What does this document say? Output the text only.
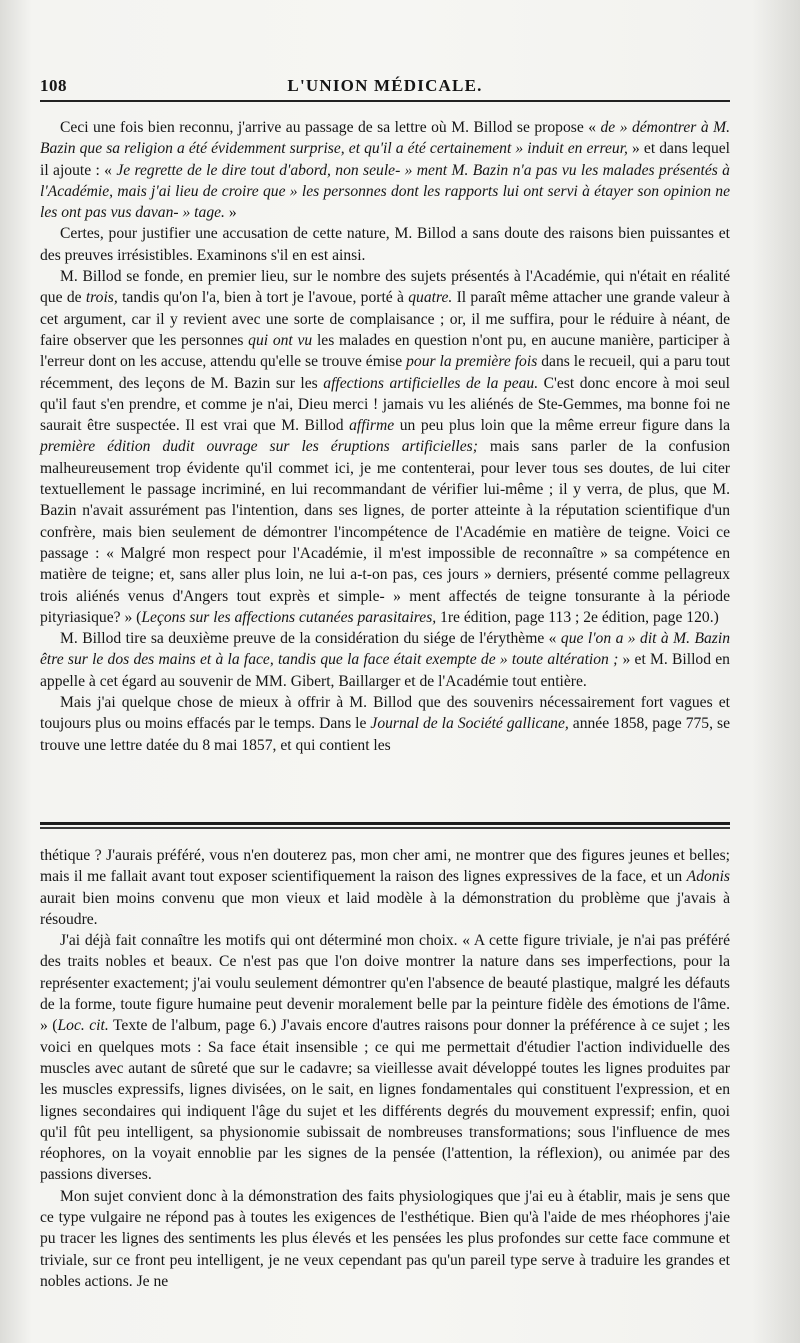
108	L'UNION MÉDICALE.

Ceci une fois bien reconnu, j'arrive au passage de sa lettre où M. Billod se propose « de » démontrer à M. Bazin que sa religion a été évidemment surprise, et qu'il a été certainement » induit en erreur, » et dans lequel il ajoute : « Je regrette de le dire tout d'abord, non seule- » ment M. Bazin n'a pas vu les malades présentés à l'Académie, mais j'ai lieu de croire que » les personnes dont les rapports lui ont servi à étayer son opinion ne les ont pas vus davan- » tage. »

Certes, pour justifier une accusation de cette nature, M. Billod a sans doute des raisons bien puissantes et des preuves irrésistibles. Examinons s'il en est ainsi.

M. Billod se fonde, en premier lieu, sur le nombre des sujets présentés à l'Académie, qui n'était en réalité que de trois, tandis qu'on l'a, bien à tort je l'avoue, porté à quatre. Il paraît même attacher une grande valeur à cet argument, car il y revient avec une sorte de complaisance ; or, il me suffira, pour le réduire à néant, de faire observer que les personnes qui ont vu les malades en question n'ont pu, en aucune manière, participer à l'erreur dont on les accuse, attendu qu'elle se trouve émise pour la première fois dans le recueil, qui a paru tout récemment, des leçons de M. Bazin sur les affections artificielles de la peau. C'est donc encore à moi seul qu'il faut s'en prendre, et comme je n'ai, Dieu merci ! jamais vu les aliénés de Ste-Gemmes, ma bonne foi ne saurait être suspectée. Il est vrai que M. Billod affirme un peu plus loin que la même erreur figure dans la première édition dudit ouvrage sur les éruptions artificielles; mais sans parler de la confusion malheureusement trop évidente qu'il commet ici, je me contenterai, pour lever tous ses doutes, de lui citer textuellement le passage incriminé, en lui recommandant de vérifier lui-même ; il y verra, de plus, que M. Bazin n'avait assurément pas l'intention, dans ses lignes, de porter atteinte à la réputation scientifique d'un confrère, mais bien seulement de démontrer l'incompétence de l'Académie en matière de teigne. Voici ce passage : « Malgré mon respect pour l'Académie, il m'est impossible de reconnaître » sa compétence en matière de teigne; et, sans aller plus loin, ne lui a-t-on pas, ces jours » derniers, présenté comme pellagreux trois aliénés venus d'Angers tout exprès et simple- » ment affectés de teigne tonsurante à la période pityriasique? » (Leçons sur les affections cutanées parasitaires, 1re édition, page 113 ; 2e édition, page 120.)

M. Billod tire sa deuxième preuve de la considération du siége de l'érythème « que l'on a » dit à M. Bazin être sur le dos des mains et à la face, tandis que la face était exempte de » toute altération ; » et M. Billod en appelle à cet égard au souvenir de MM. Gibert, Baillarger et de l'Académie tout entière.

Mais j'ai quelque chose de mieux à offrir à M. Billod que des souvenirs nécessairement fort vagues et toujours plus ou moins effacés par le temps. Dans le Journal de la Société gallicane, année 1858, page 775, se trouve une lettre datée du 8 mai 1857, et qui contient les

thétique ? J'aurais préféré, vous n'en douterez pas, mon cher ami, ne montrer que des figures jeunes et belles; mais il me fallait avant tout exposer scientifiquement la raison des lignes expressives de la face, et un Adonis aurait bien moins convenu que mon vieux et laid modèle à la démonstration du problème que j'avais à résoudre.

J'ai déjà fait connaître les motifs qui ont déterminé mon choix. « A cette figure triviale, je n'ai pas préféré des traits nobles et beaux. Ce n'est pas que l'on doive montrer la nature dans ses imperfections, pour la représenter exactement; j'ai voulu seulement démontrer qu'en l'absence de beauté plastique, malgré les défauts de la forme, toute figure humaine peut devenir moralement belle par la peinture fidèle des émotions de l'âme. » (Loc. cit. Texte de l'album, page 6.) J'avais encore d'autres raisons pour donner la préférence à ce sujet ; les voici en quelques mots : Sa face était insensible ; ce qui me permettait d'étudier l'action individuelle des muscles avec autant de sûreté que sur le cadavre; sa vieillesse avait développé toutes les lignes produites par les muscles expressifs, lignes divisées, on le sait, en lignes fondamentales qui constituent l'expression, et en lignes secondaires qui indiquent l'âge du sujet et les différents degrés du mouvement expressif; enfin, quoi qu'il fût peu intelligent, sa physionomie subissait de nombreuses transformations; sous l'influence de mes réophores, on la voyait ennoblie par les signes de la pensée (l'attention, la réflexion), ou animée par des passions diverses.

Mon sujet convient donc à la démonstration des faits physiologiques que j'ai eu à établir, mais je sens que ce type vulgaire ne répond pas à toutes les exigences de l'esthétique. Bien qu'à l'aide de mes rhéophores j'aie pu tracer les lignes des sentiments les plus élevés et les pensées les plus profondes sur cette face commune et triviale, sur ce front peu intelligent, je ne veux cependant pas qu'un pareil type serve à traduire les grandes et nobles actions. Je ne
